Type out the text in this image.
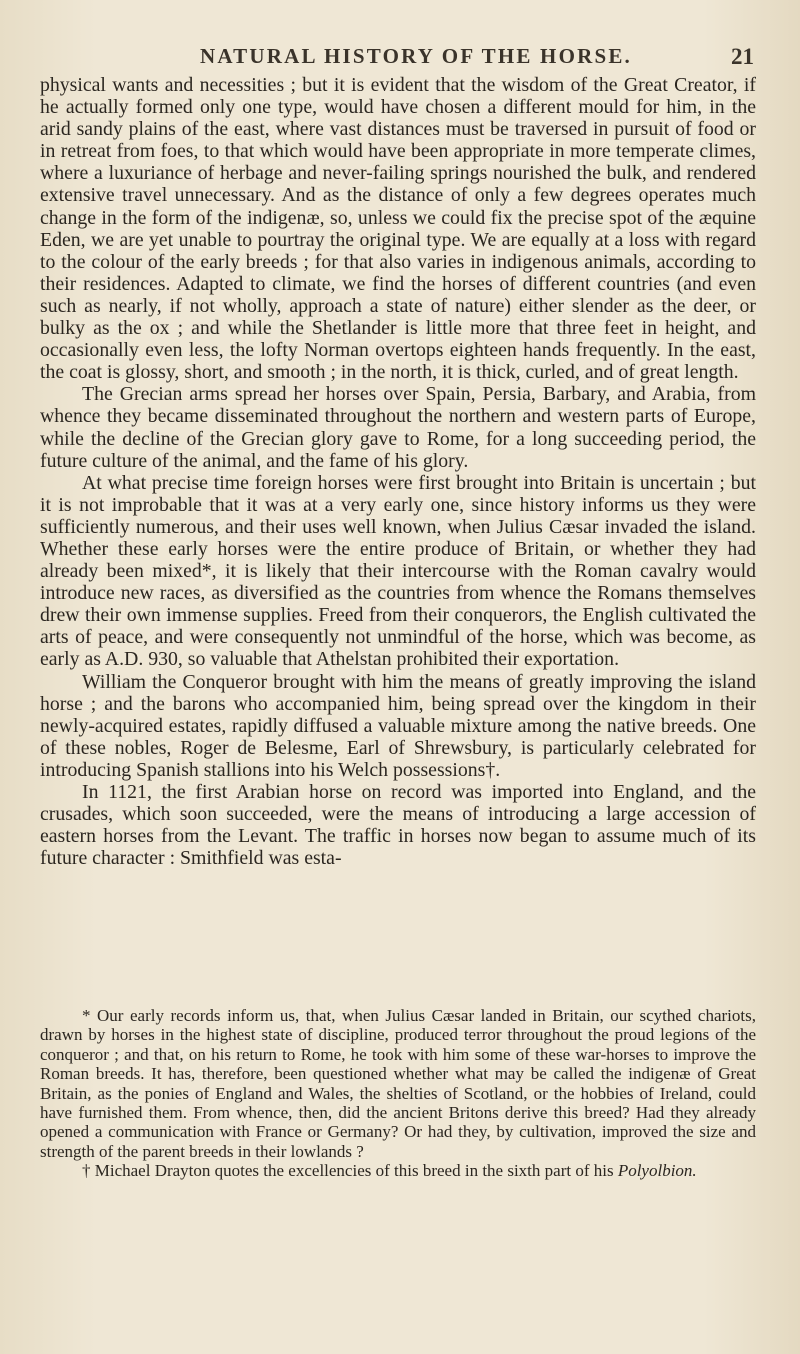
NATURAL HISTORY OF THE HORSE.	21

physical wants and necessities ; but it is evident that the wisdom of the Great Creator, if he actually formed only one type, would have chosen a different mould for him, in the arid sandy plains of the east, where vast distances must be traversed in pursuit of food or in retreat from foes, to that which would have been appropriate in more temperate climes, where a luxuriance of herbage and never-failing springs nourished the bulk, and rendered extensive travel unnecessary. And as the distance of only a few degrees operates much change in the form of the indigenæ, so, unless we could fix the precise spot of the æquine Eden, we are yet unable to pourtray the original type. We are equally at a loss with regard to the colour of the early breeds ; for that also varies in indigenous animals, according to their residences. Adapted to climate, we find the horses of different countries (and even such as nearly, if not wholly, approach a state of nature) either slender as the deer, or bulky as the ox ; and while the Shetlander is little more that three feet in height, and occasionally even less, the lofty Norman overtops eighteen hands frequently. In the east, the coat is glossy, short, and smooth ; in the north, it is thick, curled, and of great length.

The Grecian arms spread her horses over Spain, Persia, Barbary, and Arabia, from whence they became disseminated throughout the northern and western parts of Europe, while the decline of the Grecian glory gave to Rome, for a long succeeding period, the future culture of the animal, and the fame of his glory.

At what precise time foreign horses were first brought into Britain is uncertain ; but it is not improbable that it was at a very early one, since history informs us they were sufficiently numerous, and their uses well known, when Julius Cæsar invaded the island. Whether these early horses were the entire produce of Britain, or whether they had already been mixed*, it is likely that their intercourse with the Roman cavalry would introduce new races, as diversified as the countries from whence the Romans themselves drew their own immense supplies. Freed from their conquerors, the English cultivated the arts of peace, and were consequently not unmindful of the horse, which was become, as early as A.D. 930, so valuable that Athelstan prohibited their exportation.

William the Conqueror brought with him the means of greatly improving the island horse ; and the barons who accompanied him, being spread over the kingdom in their newly-acquired estates, rapidly diffused a valuable mixture among the native breeds. One of these nobles, Roger de Belesme, Earl of Shrewsbury, is particularly celebrated for introducing Spanish stallions into his Welch possessions†.

In 1121, the first Arabian horse on record was imported into England, and the crusades, which soon succeeded, were the means of introducing a large accession of eastern horses from the Levant. The traffic in horses now began to assume much of its future character : Smithfield was esta-

* Our early records inform us, that, when Julius Cæsar landed in Britain, our scythed chariots, drawn by horses in the highest state of discipline, produced terror throughout the proud legions of the conqueror ; and that, on his return to Rome, he took with him some of these war-horses to improve the Roman breeds. It has, therefore, been questioned whether what may be called the indigenæ of Great Britain, as the ponies of England and Wales, the shelties of Scotland, or the hobbies of Ireland, could have furnished them. From whence, then, did the ancient Britons derive this breed? Had they already opened a communication with France or Germany? Or had they, by cultivation, improved the size and strength of the parent breeds in their lowlands ?

† Michael Drayton quotes the excellencies of this breed in the sixth part of his Polyolbion.
